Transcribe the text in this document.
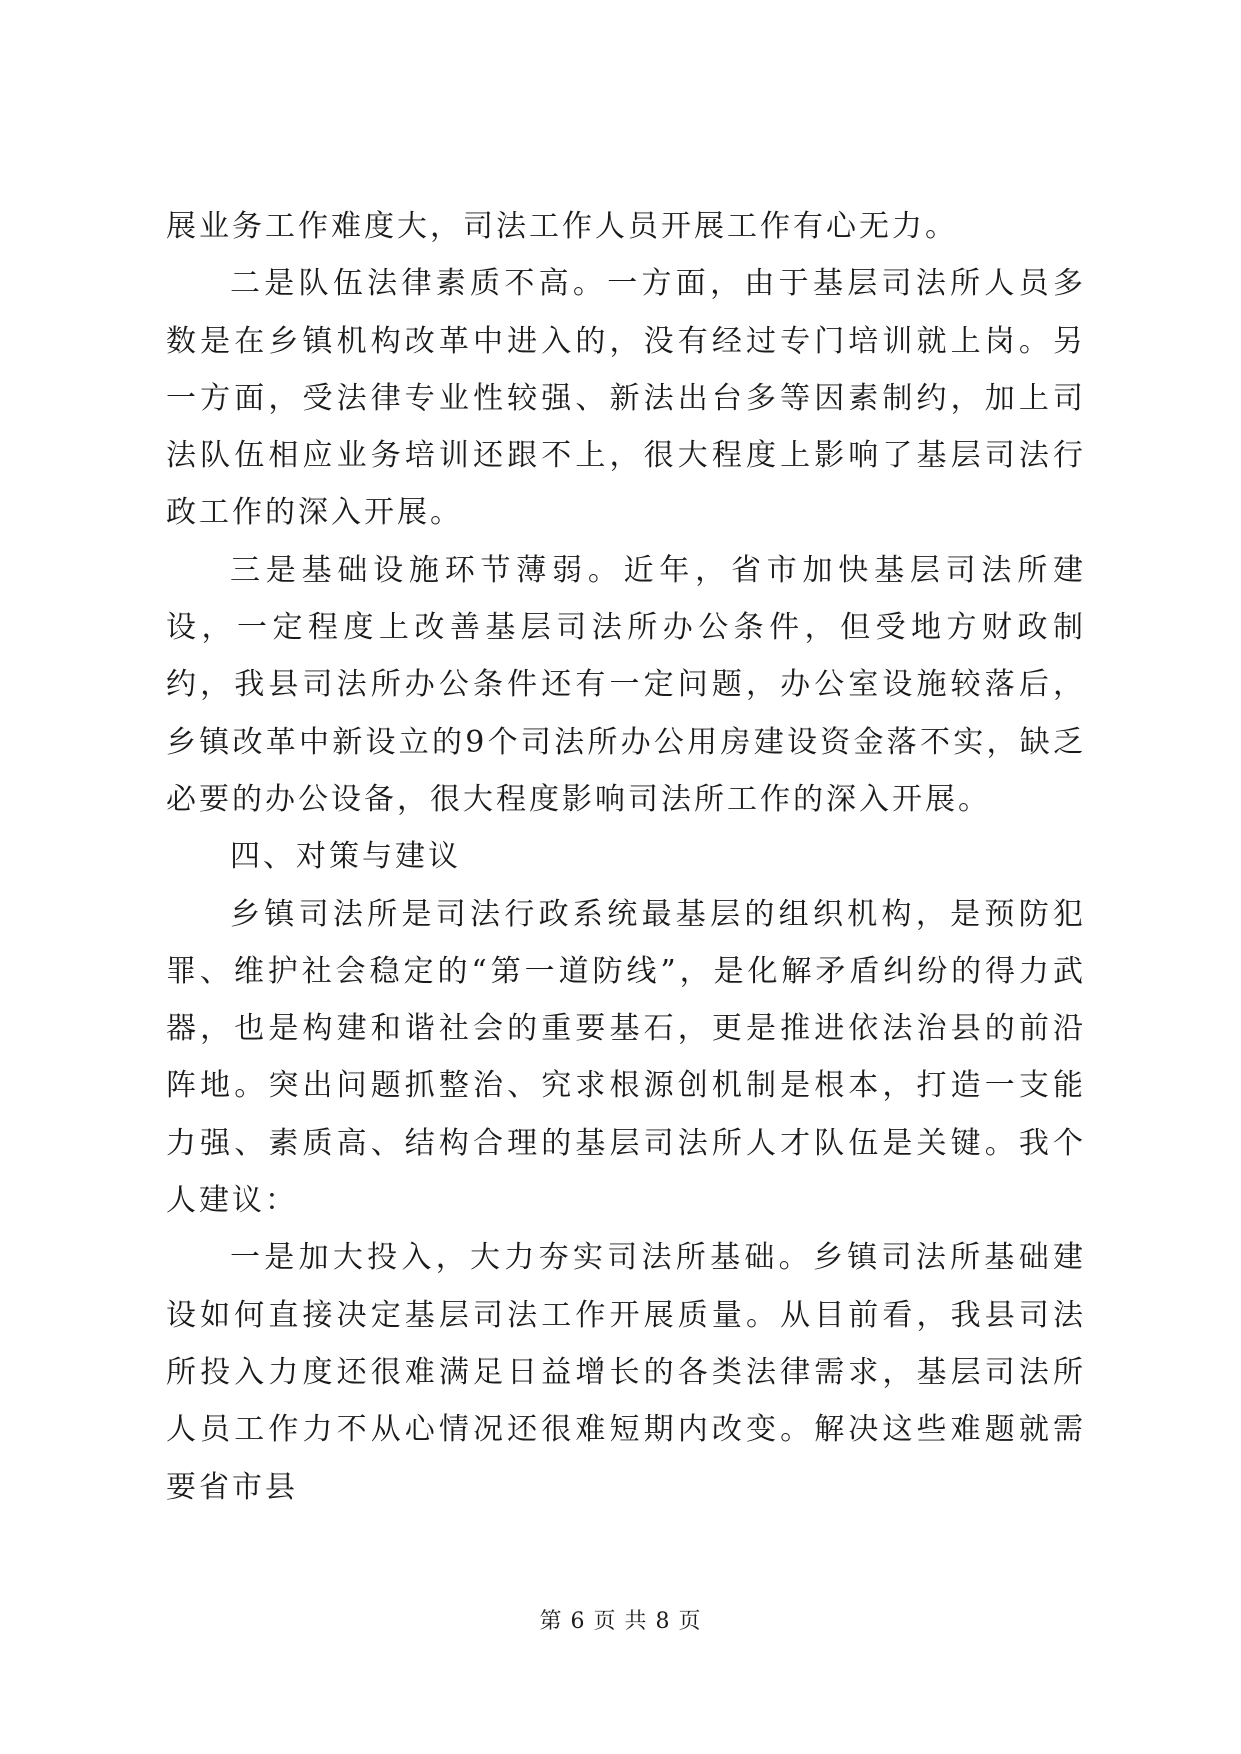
展业务工作难度大，司法工作人员开展工作有心无力。

二是队伍法律素质不高。一方面，由于基层司法所人员多数是在乡镇机构改革中进入的，没有经过专门培训就上岗。另一方面，受法律专业性较强、新法出台多等因素制约，加上司法队伍相应业务培训还跟不上，很大程度上影响了基层司法行政工作的深入开展。

三是基础设施环节薄弱。近年，省市加快基层司法所建设，一定程度上改善基层司法所办公条件，但受地方财政制约，我县司法所办公条件还有一定问题，办公室设施较落后，乡镇改革中新设立的9个司法所办公用房建设资金落不实，缺乏必要的办公设备，很大程度影响司法所工作的深入开展。

四、对策与建议

乡镇司法所是司法行政系统最基层的组织机构，是预防犯罪、维护社会稳定的“第一道防线”，是化解矛盾纠纷的得力武器，也是构建和谐社会的重要基石，更是推进依法治县的前沿阵地。突出问题抓整治、究求根源创机制是根本，打造一支能力强、素质高、结构合理的基层司法所人才队伍是关键。我个人建议：

一是加大投入，大力夯实司法所基础。乡镇司法所基础建设如何直接决定基层司法工作开展质量。从目前看，我县司法所投入力度还很难满足日益增长的各类法律需求，基层司法所人员工作力不从心情况还很难短期内改变。解决这些难题就需要省市县

第 6 页 共 8 页
